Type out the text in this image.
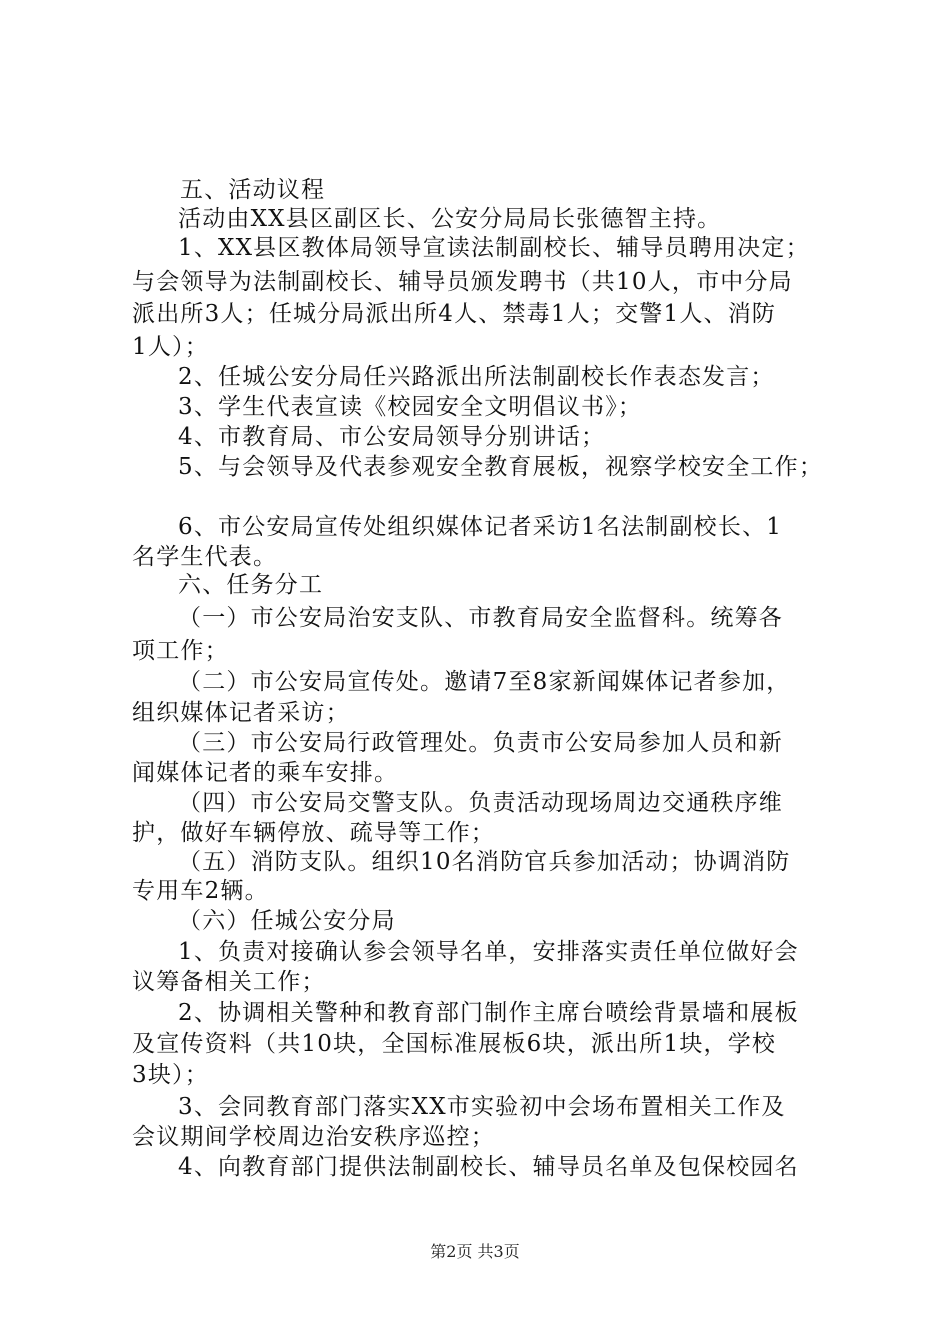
五、活动议程
活动由XX县区副区长、公安分局局长张德智主持。
1、XX县区教体局领导宣读法制副校长、辅导员聘用决定；
与会领导为法制副校长、辅导员颁发聘书（共10人，市中分局
派出所3人；任城分局派出所4人、禁毒1人；交警1人、消防
1人）；
2、任城公安分局任兴路派出所法制副校长作表态发言；
3、学生代表宣读《校园安全文明倡议书》；
4、市教育局、市公安局领导分别讲话；
5、与会领导及代表参观安全教育展板，视察学校安全工作；
6、市公安局宣传处组织媒体记者采访1名法制副校长、1
名学生代表。
六、任务分工
（一）市公安局治安支队、市教育局安全监督科。统筹各
项工作；
（二）市公安局宣传处。邀请7至8家新闻媒体记者参加，
组织媒体记者采访；
（三）市公安局行政管理处。负责市公安局参加人员和新
闻媒体记者的乘车安排。
（四）市公安局交警支队。负责活动现场周边交通秩序维
护，做好车辆停放、疏导等工作；
（五）消防支队。组织10名消防官兵参加活动；协调消防
专用车2辆。
（六）任城公安分局
1、负责对接确认参会领导名单，安排落实责任单位做好会
议筹备相关工作；
2、协调相关警种和教育部门制作主席台喷绘背景墙和展板
及宣传资料（共10块，全国标准展板6块，派出所1块，学校
3块）；
3、会同教育部门落实XX市实验初中会场布置相关工作及
会议期间学校周边治安秩序巡控；
4、向教育部门提供法制副校长、辅导员名单及包保校园名
第2页 共3页
